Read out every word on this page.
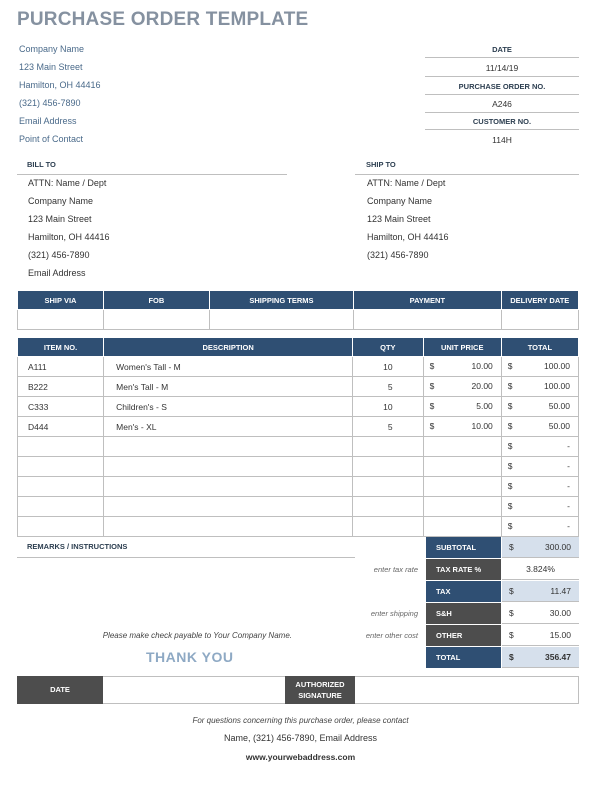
PURCHASE ORDER TEMPLATE
Company Name
123 Main Street
Hamilton, OH 44416
(321) 456-7890
Email Address
Point of Contact
DATE
11/14/19
PURCHASE ORDER NO.
A246
CUSTOMER NO.
114H
BILL TO
ATTN: Name / Dept
Company Name
123 Main Street
Hamilton, OH 44416
(321) 456-7890
Email Address
SHIP TO
ATTN: Name / Dept
Company Name
123 Main Street
Hamilton, OH 44416
(321) 456-7890
SHIP VIA	FOB	SHIPPING TERMS	PAYMENT	DELIVERY DATE

ITEM NO.	DESCRIPTION	QTY	UNIT PRICE	TOTAL
A111	Women's Tall - M	10	$ 10.00	$ 100.00

B222	Men's Tall - M	5	$ 20.00	$ 100.00

C333	Children's - S	10	$ 5.00	$ 50.00

D444	Men's - XL	5	$ 10.00	$ 50.00

				$ -

				$ -

				$ -

				$ -

				$ -
REMARKS / INSTRUCTIONS	SUBTOTAL	$	300.00
enter tax rate	TAX RATE %	3.824%
TAX	$	11.47
enter shipping	S&H	$	30.00
enter other cost	OTHER	$	15.00
Please make check payable to Your Company Name.
TOTAL	$	356.47
THANK YOU
DATE
AUTHORIZED
SIGNATURE
For questions concerning this purchase order, please contact
Name, (321) 456-7890, Email Address
www.yourwebaddress.com
